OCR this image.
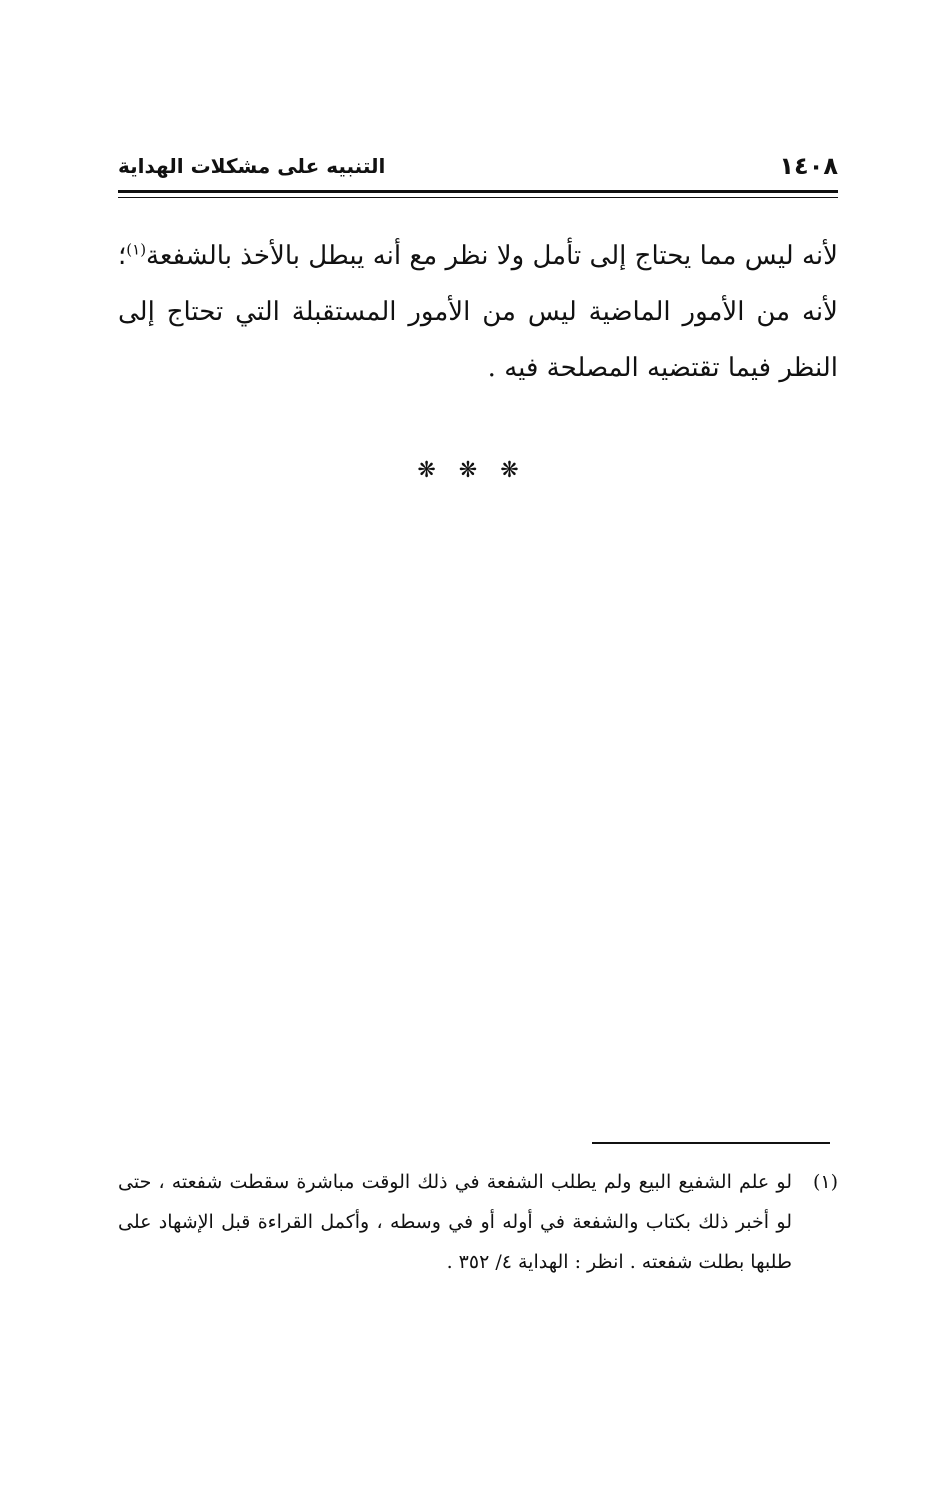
١٤٠٨
التنبيه على مشكلات الهداية

لأنه ليس مما يحتاج إلى تأمل ولا نظر مع أنه يبطل بالأخذ بالشفعة$^{(١)}$؛ لأنه من الأمور الماضية ليس من الأمور المستقبلة التي تحتاج إلى النظر فيما تقتضيه المصلحة فيه .

❋ ❋ ❋
(١)

لو علم الشفيع البيع ولم يطلب الشفعة في ذلك الوقت مباشرة سقطت شفعته ، حتى لو أخبر ذلك بكتاب والشفعة في أوله أو في وسطه ، وأكمل القراءة قبل الإشهاد على طلبها بطلت شفعته . انظر : الهداية ٤/ ٣٥٢ .
